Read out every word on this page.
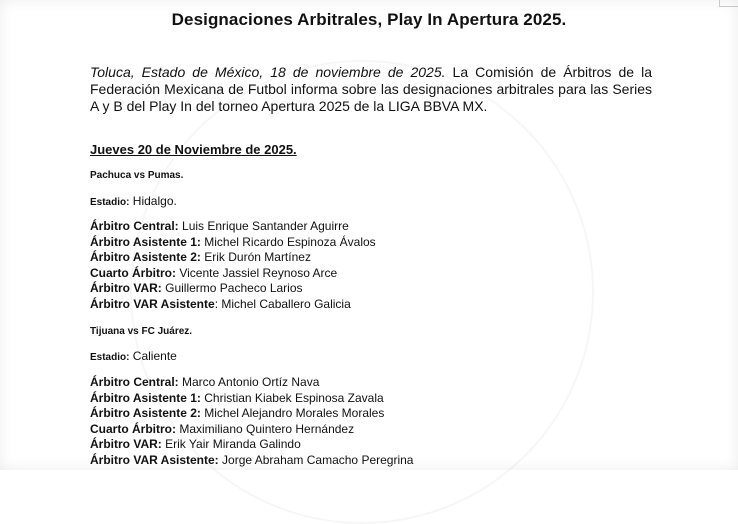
Designaciones Arbitrales, Play In Apertura 2025.
Toluca, Estado de México, 18 de noviembre de 2025. La Comisión de Árbitros de la Federación Mexicana de Futbol informa sobre las designaciones arbitrales para las Series A y B del Play In del torneo Apertura 2025 de la LIGA BBVA MX.
Jueves 20 de Noviembre de 2025.
Pachuca vs Pumas.
Estadio: Hidalgo.
Árbitro Central: Luis Enrique Santander Aguirre
Árbitro Asistente 1: Michel Ricardo Espinoza Ávalos
Árbitro Asistente 2: Erik Durón Martínez
Cuarto Árbitro: Vicente Jassiel Reynoso Arce
Árbitro VAR: Guillermo Pacheco Larios
Árbitro VAR Asistente: Michel Caballero Galicia
Tijuana vs FC Juárez.
Estadio: Caliente
Árbitro Central: Marco Antonio Ortíz Nava
Árbitro Asistente 1: Christian Kiabek Espinosa Zavala
Árbitro Asistente 2: Michel Alejandro Morales Morales
Cuarto Árbitro: Maximiliano Quintero Hernández
Árbitro VAR: Erik Yair Miranda Galindo
Árbitro VAR Asistente: Jorge Abraham Camacho Peregrina
